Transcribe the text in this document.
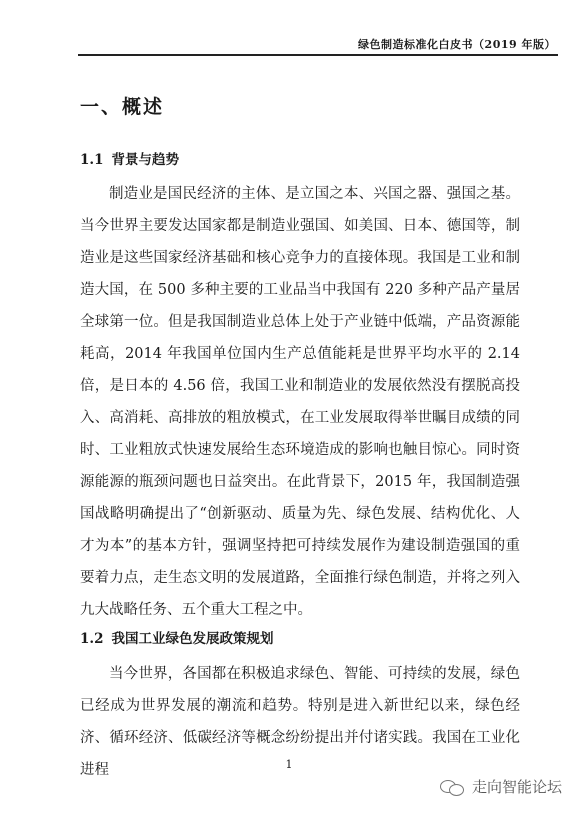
绿色制造标准化白皮书（2019 年版）
一、概述
1.1 背景与趋势

制造业是国民经济的主体、是立国之本、兴国之器、强国之基。当今世界主要发达国家都是制造业强国、如美国、日本、德国等，制造业是这些国家经济基础和核心竞争力的直接体现。我国是工业和制造大国，在 500 多种主要的工业品当中我国有 220 多种产品产量居全球第一位。但是我国制造业总体上处于产业链中低端，产品资源能耗高，2014 年我国单位国内生产总值能耗是世界平均水平的 2.14 倍，是日本的 4.56 倍，我国工业和制造业的发展依然没有摆脱高投入、高消耗、高排放的粗放模式，在工业发展取得举世瞩目成绩的同时、工业粗放式快速发展给生态环境造成的影响也触目惊心。同时资源能源的瓶颈问题也日益突出。在此背景下，2015 年，我国制造强国战略明确提出了“创新驱动、质量为先、绿色发展、结构优化、人才为本”的基本方针，强调坚持把可持续发展作为建设制造强国的重要着力点，走生态文明的发展道路，全面推行绿色制造，并将之列入九大战略任务、五个重大工程之中。

1.2 我国工业绿色发展政策规划

当今世界，各国都在积极追求绿色、智能、可持续的发展，绿色已经成为世界发展的潮流和趋势。特别是进入新世纪以来，绿色经济、循环经济、低碳经济等概念纷纷提出并付诸实践。我国在工业化进程	1
走向智能论坛
